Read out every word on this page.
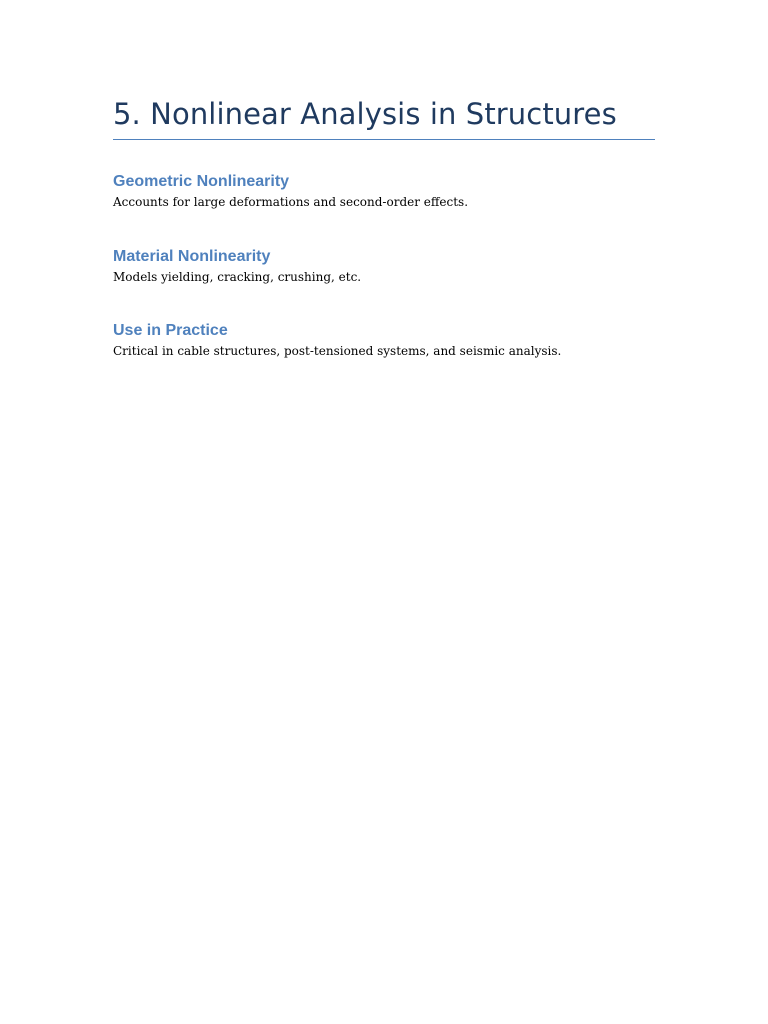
5. Nonlinear Analysis in Structures
Geometric Nonlinearity

Accounts for large deformations and second-order effects.

Material Nonlinearity

Models yielding, cracking, crushing, etc.

Use in Practice

Critical in cable structures, post-tensioned systems, and seismic analysis.
